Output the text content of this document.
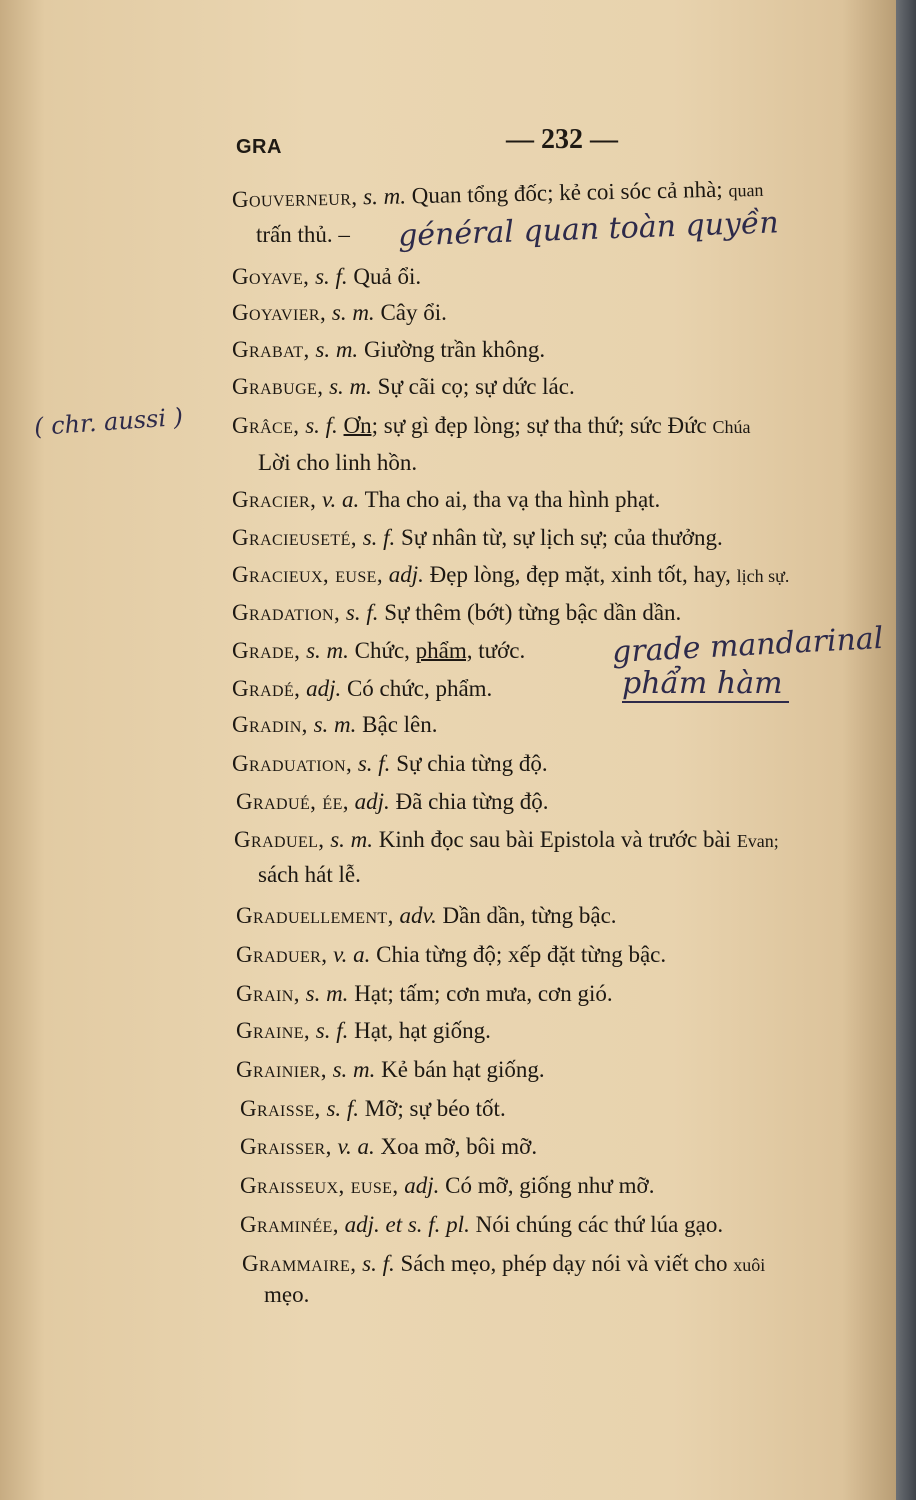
GRA	— 232 —
Gouverneur, s. m. Quan tổng đốc; kẻ coi sóc cả nhà; quan
trấn thủ. – général quan toàn quyền
Goyave, s. f. Quả ổi.
Goyavier, s. m. Cây ổi.
Grabat, s. m. Giường trần không.
Grabuge, s. m. Sự cãi cọ; sự dức lác.
Grâce, s. f. Ơn; sự gì đẹp lòng; sự tha thứ; sức Đức Chúa
Lời cho linh hồn.
( chr. aussi )
Gracier, v. a. Tha cho ai, tha vạ tha hình phạt.
Gracieuseté, s. f. Sự nhân từ, sự lịch sự; của thưởng.
Gracieux, euse, adj. Đẹp lòng, đẹp mặt, xinh tốt, hay, lịch sự.
Gradation, s. f. Sự thêm (bớt) từng bậc dần dần.
Grade, s. m. Chức, phẩm, tước.	grade mandarinal
Gradé, adj. Có chức, phẩm.	phẩm hàm
Gradin, s. m. Bậc lên.
Graduation, s. f. Sự chia từng độ.
Gradué, ée, adj. Đã chia từng độ.
Graduel, s. m. Kinh đọc sau bài Epistola và trước bài Evan;
sách hát lễ.
Graduellement, adv. Dần dần, từng bậc.
Graduer, v. a. Chia từng độ; xếp đặt từng bậc.
Grain, s. m. Hạt; tấm; cơn mưa, cơn gió.
Graine, s. f. Hạt, hạt giống.
Grainier, s. m. Kẻ bán hạt giống.
Graisse, s. f. Mỡ; sự béo tốt.
Graisser, v. a. Xoa mỡ, bôi mỡ.
Graisseux, euse, adj. Có mỡ, giống như mỡ.
Graminée, adj. et s. f. pl. Nói chúng các thứ lúa gạo.
Grammaire, s. f. Sách mẹo, phép dạy nói và viết cho xuôi
mẹo.
